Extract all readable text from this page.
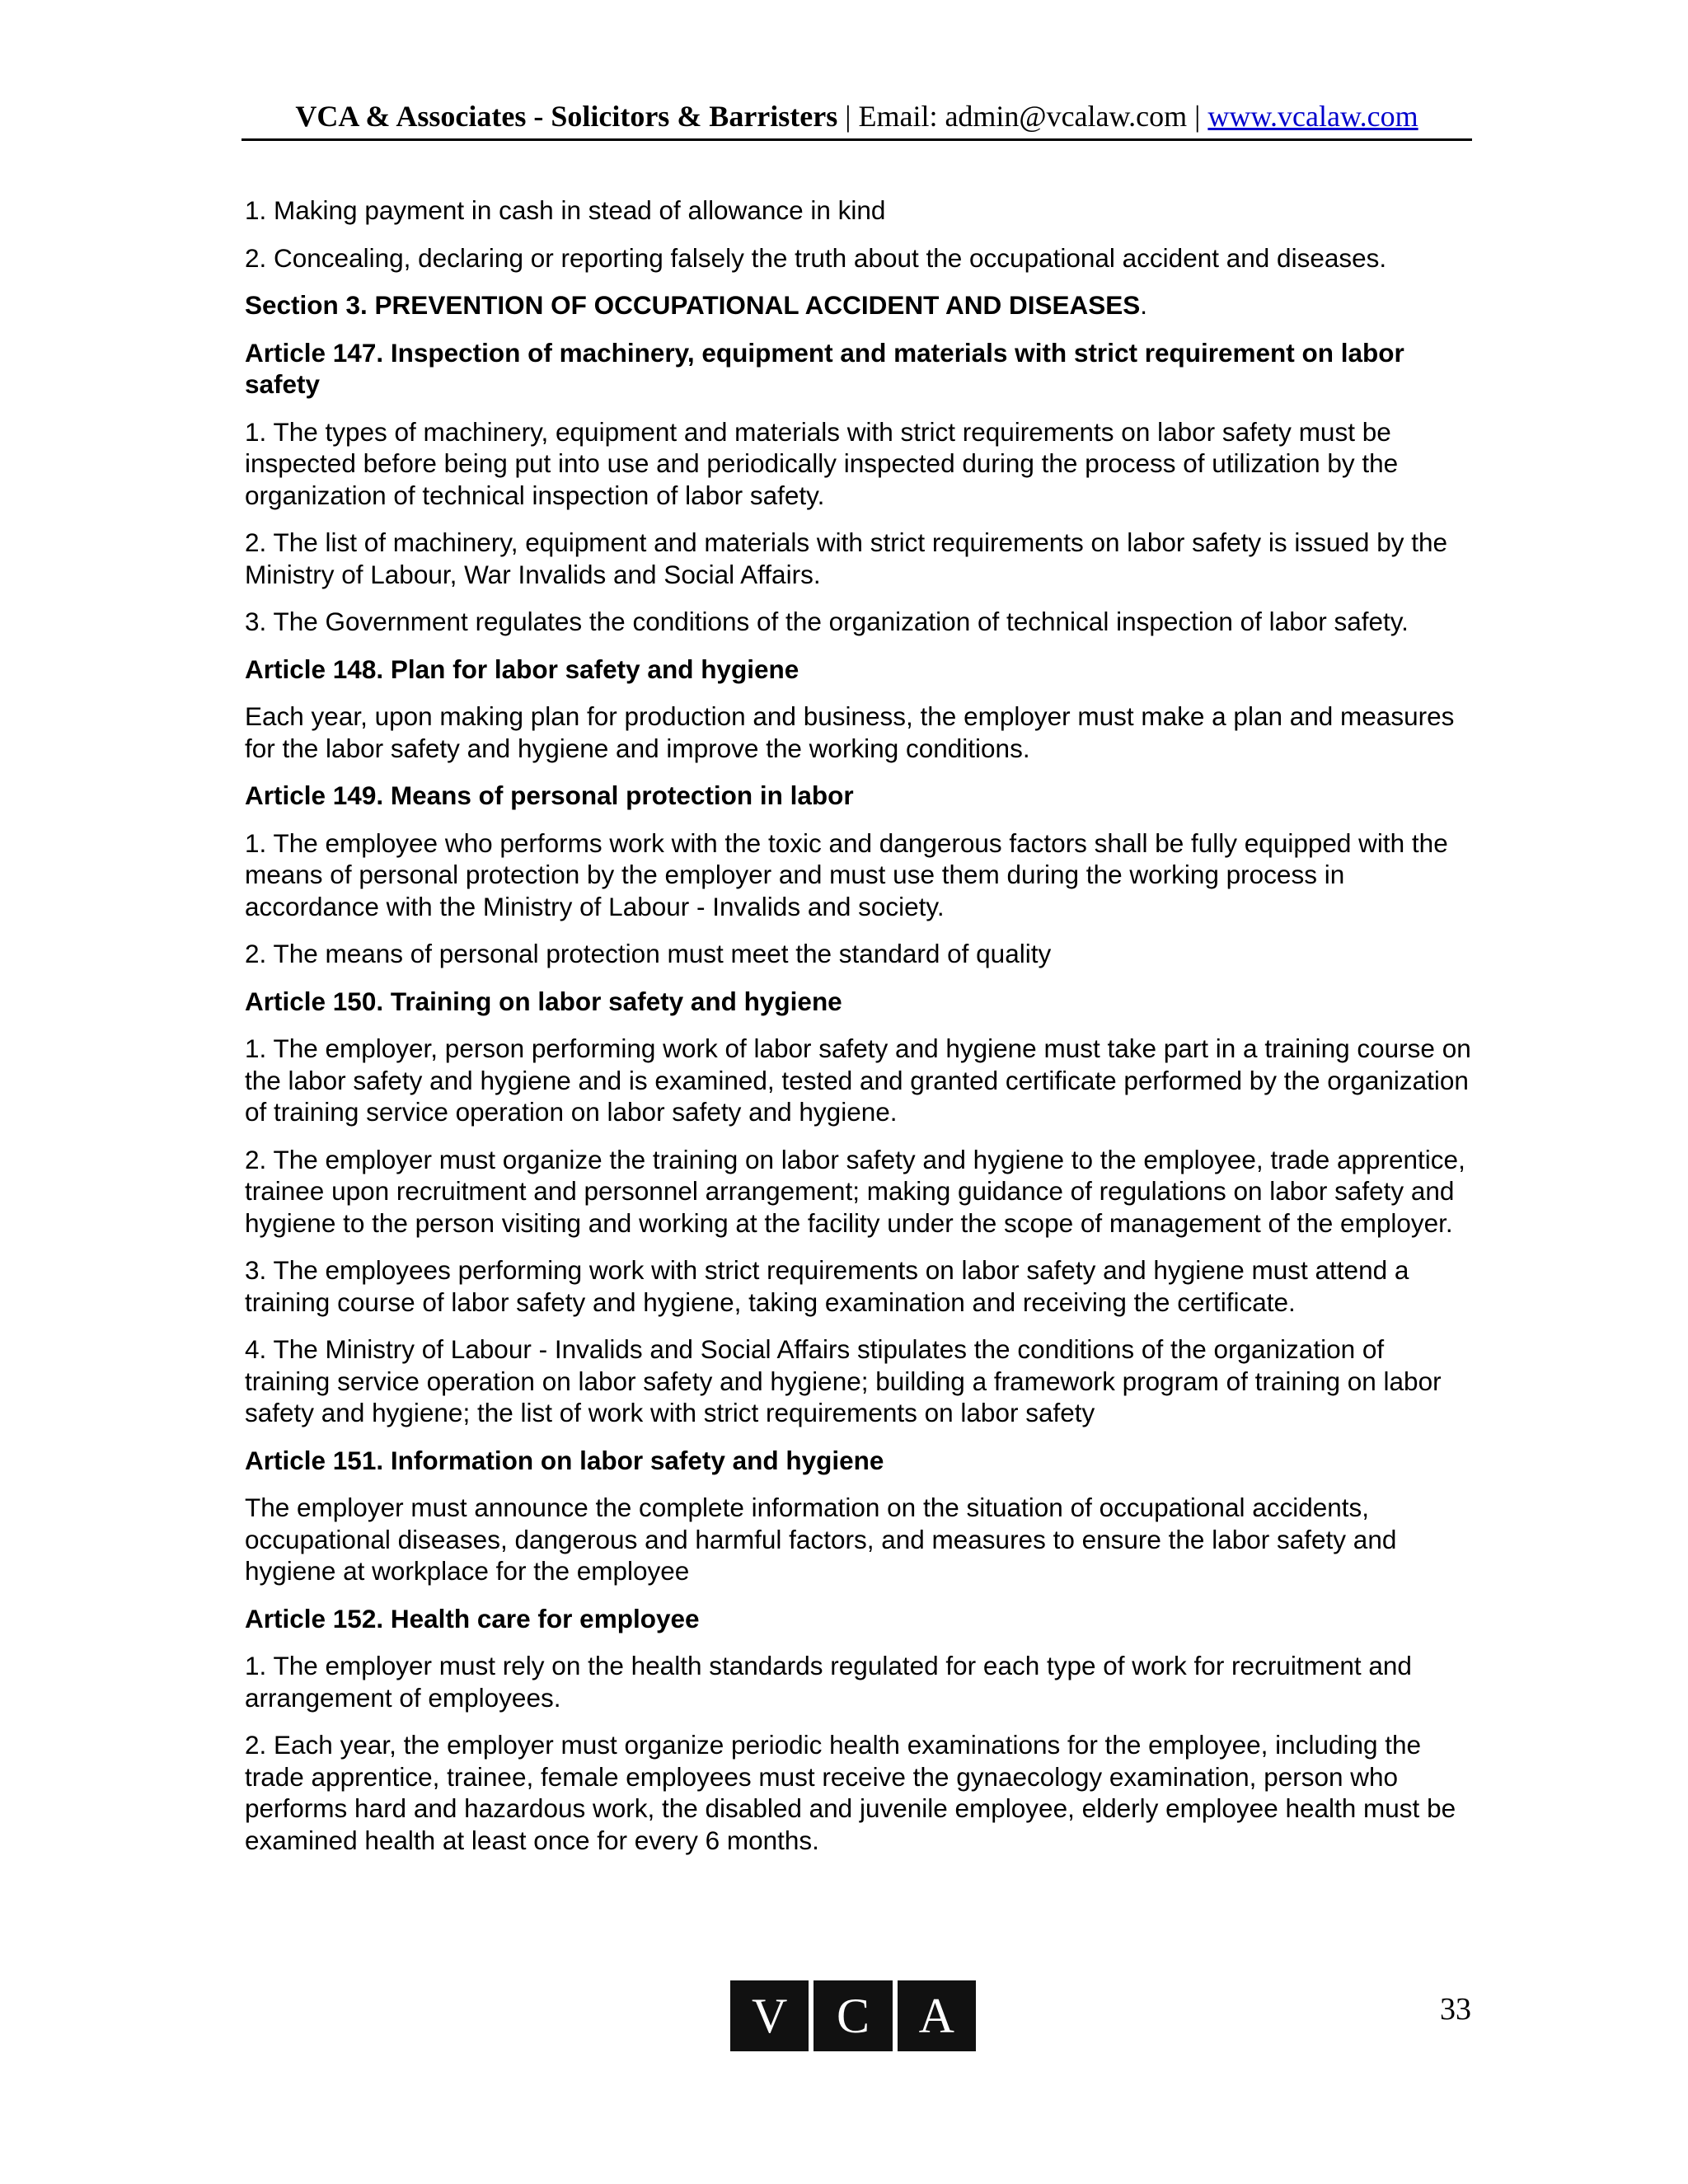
VCA & Associates - Solicitors & Barristers | Email: admin@vcalaw.com | www.vcalaw.com

1. Making payment in cash in stead of allowance in kind

2. Concealing, declaring or reporting falsely the truth about the occupational accident and diseases.

Section 3. PREVENTION OF OCCUPATIONAL ACCIDENT AND DISEASES.

Article 147. Inspection of machinery, equipment and materials with strict requirement on labor safety

1. The types of machinery, equipment and materials with strict requirements on labor safety must be inspected before being put into use and periodically inspected during the process of utilization by the organization of technical inspection of labor safety.

2. The list of machinery, equipment and materials with strict requirements on labor safety is issued by the Ministry of Labour, War Invalids and Social Affairs.

3. The Government regulates the conditions of the organization of technical inspection of labor safety.

Article 148. Plan for labor safety and hygiene

Each year, upon making plan for production and business, the employer must make a plan and measures for the labor safety and hygiene and improve the working conditions.

Article 149. Means of personal protection in labor

1. The employee who performs work with the toxic and dangerous factors shall be fully equipped with the means of personal protection by the employer and must use them during the working process in accordance with the Ministry of Labour - Invalids and society.

2. The means of personal protection must meet the standard of quality

Article 150. Training on labor safety and hygiene

1. The employer, person performing work of labor safety and hygiene must take part in a training course on the labor safety and hygiene and is examined, tested and granted certificate performed by the organization of training service operation on labor safety and hygiene.

2. The employer must organize the training on labor safety and hygiene to the employee, trade apprentice, trainee upon recruitment and personnel arrangement; making guidance of regulations on labor safety and hygiene to the person visiting and working at the facility under the scope of management of the employer.

3. The employees performing work with strict requirements on labor safety and hygiene must attend a training course of labor safety and hygiene, taking examination and receiving the certificate.

4. The Ministry of Labour - Invalids and Social Affairs stipulates the conditions of the organization of training service operation on labor safety and hygiene; building a framework program of training on labor safety and hygiene; the list of work with strict requirements on labor safety

Article 151. Information on labor safety and hygiene

The employer must announce the complete information on the situation of occupational accidents, occupational diseases, dangerous and harmful factors, and measures to ensure the labor safety and hygiene at workplace for the employee

Article 152. Health care for employee

1. The employer must rely on the health standards regulated for each type of work for recruitment and arrangement of employees.

2. Each year, the employer must organize periodic health examinations for the employee, including the trade apprentice, trainee, female employees must receive the gynaecology examination, person who performs hard and hazardous work, the disabled and juvenile employee, elderly employee health must be examined health at least once for every 6 months.

V C A	33
